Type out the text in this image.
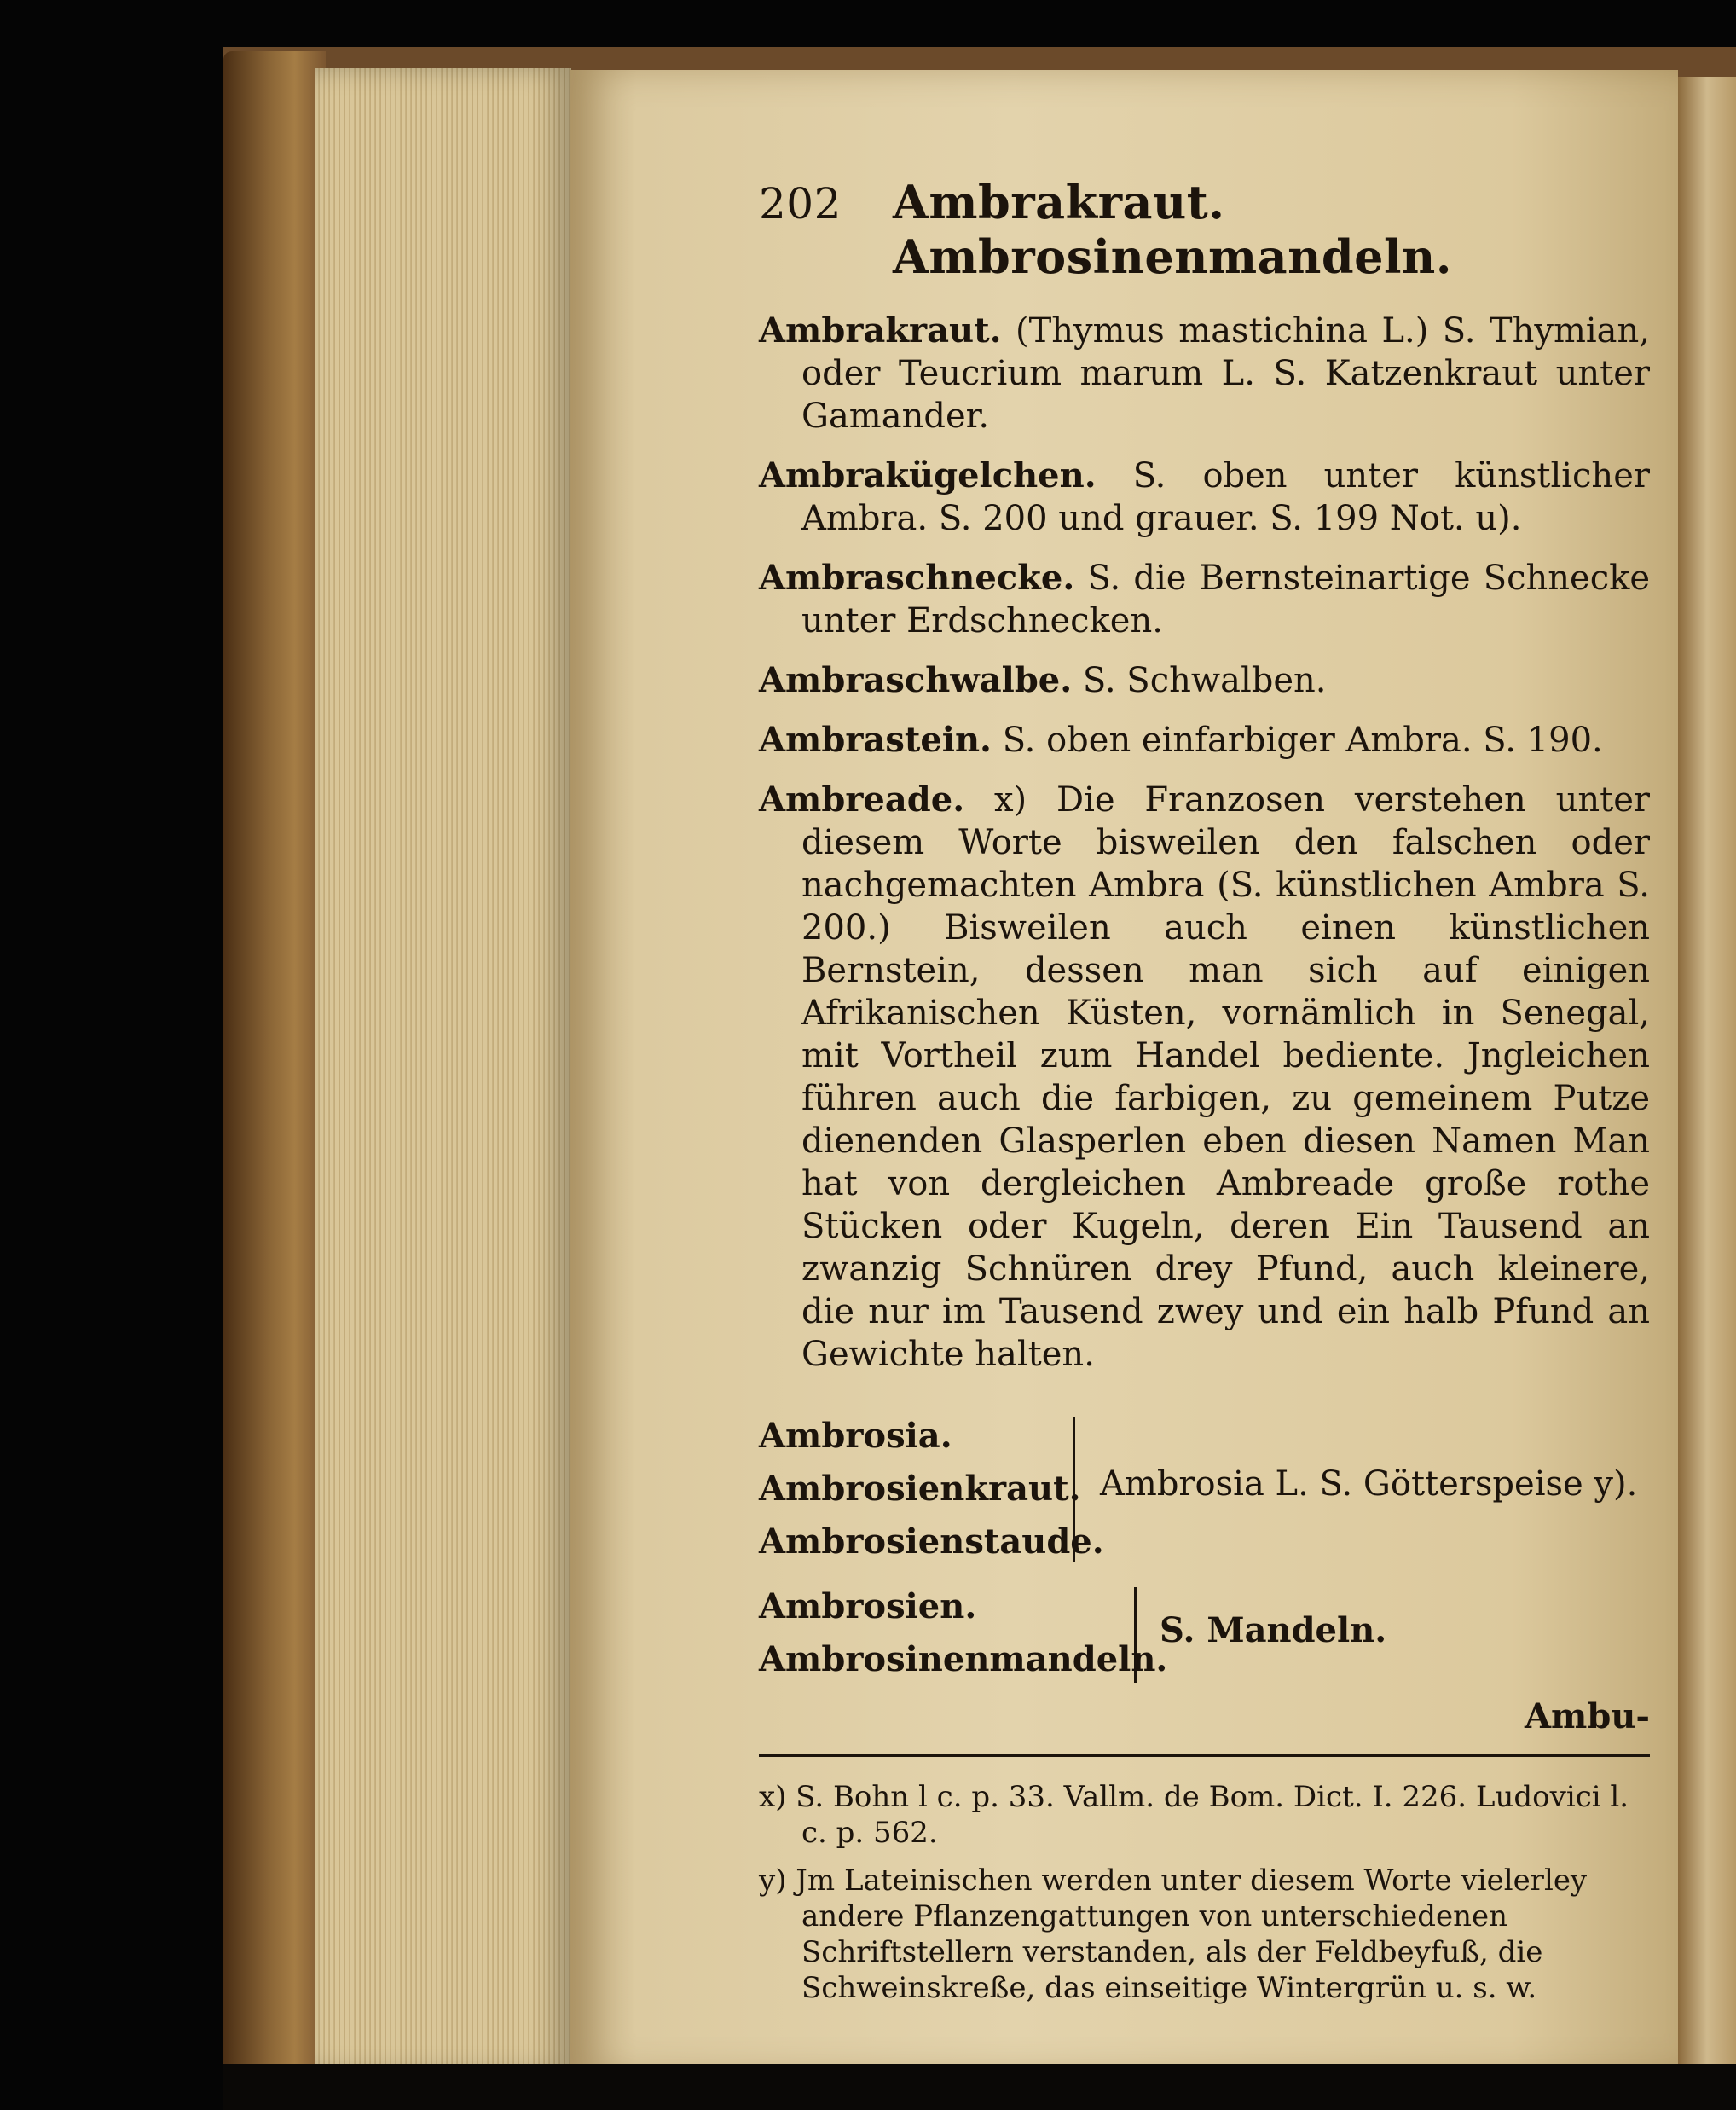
202 Ambrakraut. Ambrosinenmandeln.
Ambrakraut. (Thymus mastichina L.) S. Thymian, oder Teucrium marum L. S. Katzenkraut unter Gamander.
Ambrakügelchen. S. oben unter künstlicher Ambra. S. 200 und grauer. S. 199 Not. u).
Ambraschnecke. S. die Bernsteinartige Schnecke unter Erdschnecken.
Ambraschwalbe. S. Schwalben.
Ambrastein. S. oben einfarbiger Ambra. S. 190.
Ambreade. x) Die Franzosen verstehen unter diesem Worte bisweilen den falschen oder nachgemachten Ambra (S. künstlichen Ambra S. 200.) Bisweilen auch einen künstlichen Bernstein, dessen man sich auf einigen Afrikanischen Küsten, vornämlich in Senegal, mit Vortheil zum Handel bediente. Jngleichen führen auch die farbigen, zu gemeinem Putze dienenden Glasperlen eben diesen Namen Man hat von dergleichen Ambreade große rothe Stücken oder Kugeln, deren Ein Tausend an zwanzig Schnüren drey Pfund, auch kleinere, die nur im Tausend zwey und ein halb Pfund an Gewichte halten.
Ambrosia.
Ambrosienkraut.
Ambrosienstaude.
Ambrosia L. S. Götterspeise y).
Ambrosien.
Ambrosinenmandeln.
S. Mandeln.
Ambu-
x) S. Bohn l c. p. 33. Vallm. de Bom. Dict. I. 226. Ludovici l. c. p. 562.
y) Jm Lateinischen werden unter diesem Worte vielerley andere Pflanzengattungen von unterschiedenen Schriftstellern verstanden, als der Feldbeyfuß, die Schweinskreße, das einseitige Wintergrün u. s. w.
